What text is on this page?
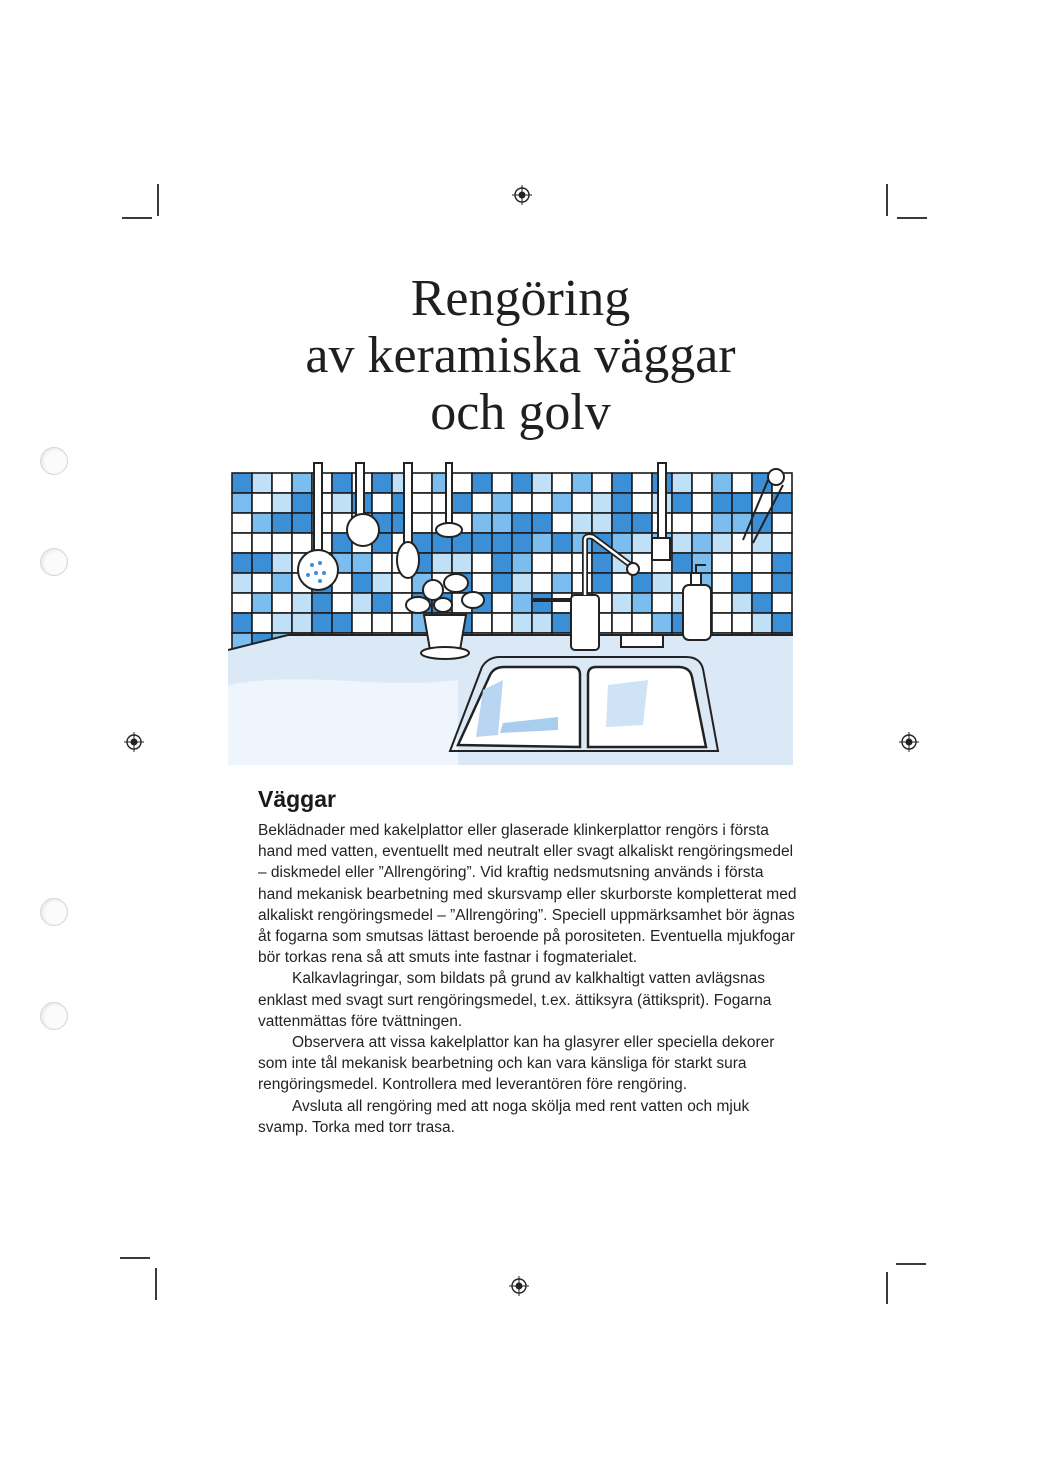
Rengöring
av keramiska väggar
och golv
Väggar

Beklädnader med kakelplattor eller glaserade klinkerplattor rengörs i första hand med vatten, eventuellt med neutralt eller svagt alkaliskt rengöringsmedel – diskmedel eller ”Allrengöring”. Vid kraftig nedsmutsning används i första hand mekanisk bearbetning med skursvamp eller skurborste kompletterat med alkaliskt rengöringsmedel – ”Allrengöring”. Speciell uppmärksamhet bör ägnas åt fogarna som smutsas lättast beroende på porositeten. Eventuella mjukfogar bör torkas rena så att smuts inte fastnar i fogmaterialet.

Kalkavlagringar, som bildats på grund av kalkhaltigt vatten avlägsnas enklast med svagt surt rengöringsmedel, t.ex. ättiksyra (ättiksprit). Fogarna vattenmättas före tvättningen.

Observera att vissa kakelplattor kan ha glasyrer eller speciella dekorer som inte tål mekanisk bearbetning och kan vara känsliga för starkt sura rengöringsmedel. Kontrollera med leverantören före rengöring.

Avsluta all rengöring med att noga skölja med rent vatten och mjuk svamp. Torka med torr trasa.
